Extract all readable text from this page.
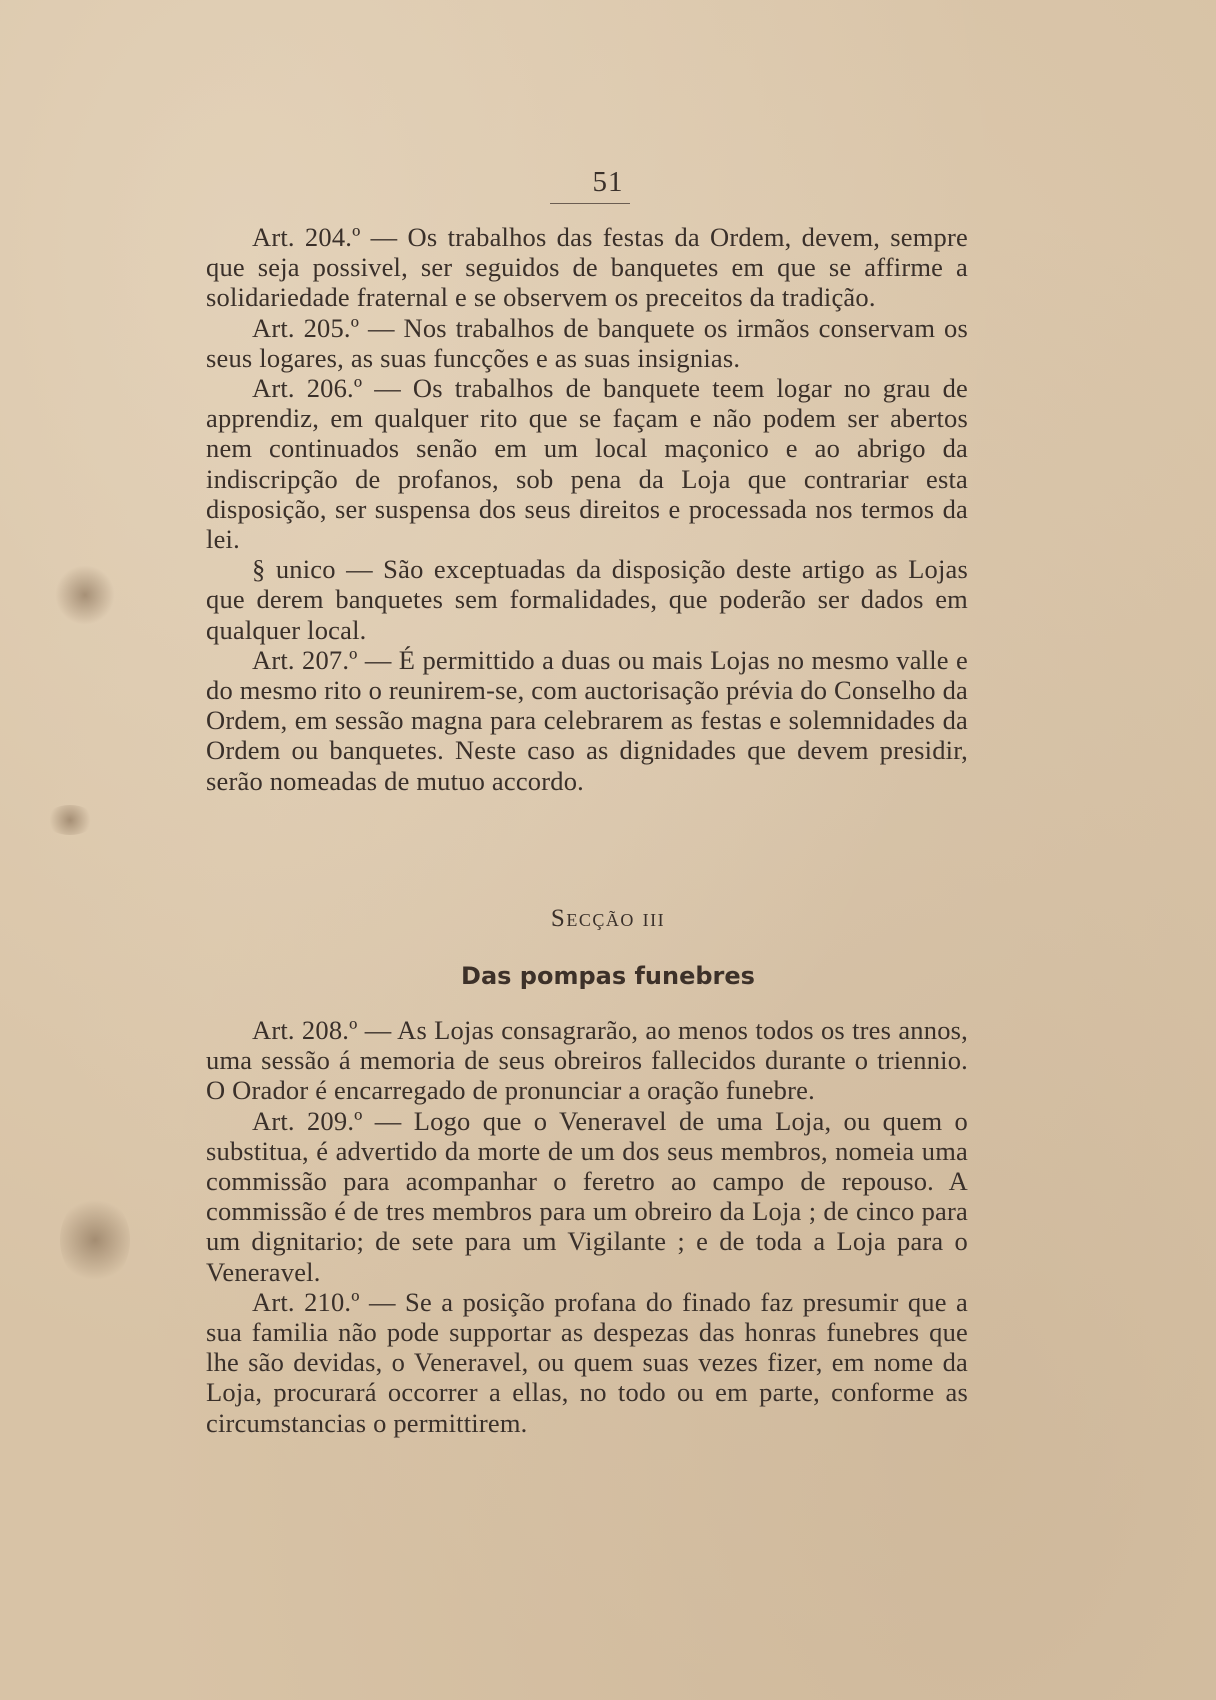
51

Art. 204.º — Os trabalhos das festas da Ordem, devem, sempre que seja possivel, ser seguidos de banquetes em que se affirme a solidariedade fraternal e se observem os preceitos da tradição.

Art. 205.º — Nos trabalhos de banquete os irmãos conservam os seus logares, as suas funcções e as suas insignias.

Art. 206.º — Os trabalhos de banquete teem logar no grau de apprendiz, em qualquer rito que se façam e não podem ser abertos nem continuados senão em um local maçonico e ao abrigo da indiscripção de profanos, sob pena da Loja que contrariar esta disposição, ser suspensa dos seus direitos e processada nos termos da lei.

§ unico — São exceptuadas da disposição deste artigo as Lojas que derem banquetes sem formalidades, que poderão ser dados em qualquer local.

Art. 207.º — É permittido a duas ou mais Lojas no mesmo valle e do mesmo rito o reunirem-se, com auctorisação prévia do Conselho da Ordem, em sessão magna para celebrarem as festas e solemnidades da Ordem ou banquetes. Neste caso as dignidades que devem presidir, serão nomeadas de mutuo accordo.

Secção iii
Das pompas funebres

Art. 208.º — As Lojas consagrarão, ao menos todos os tres annos, uma sessão á memoria de seus obreiros fallecidos durante o triennio. O Orador é encarregado de pronunciar a oração funebre.

Art. 209.º — Logo que o Veneravel de uma Loja, ou quem o substitua, é advertido da morte de um dos seus membros, nomeia uma commissão para acompanhar o feretro ao campo de repouso. A commissão é de tres membros para um obreiro da Loja ; de cinco para um dignitario; de sete para um Vigilante ; e de toda a Loja para o Veneravel.

Art. 210.º — Se a posição profana do finado faz presumir que a sua familia não pode supportar as despezas das honras funebres que lhe são devidas, o Veneravel, ou quem suas vezes fizer, em nome da Loja, procurará occorrer a ellas, no todo ou em parte, conforme as circumstancias o permittirem.
